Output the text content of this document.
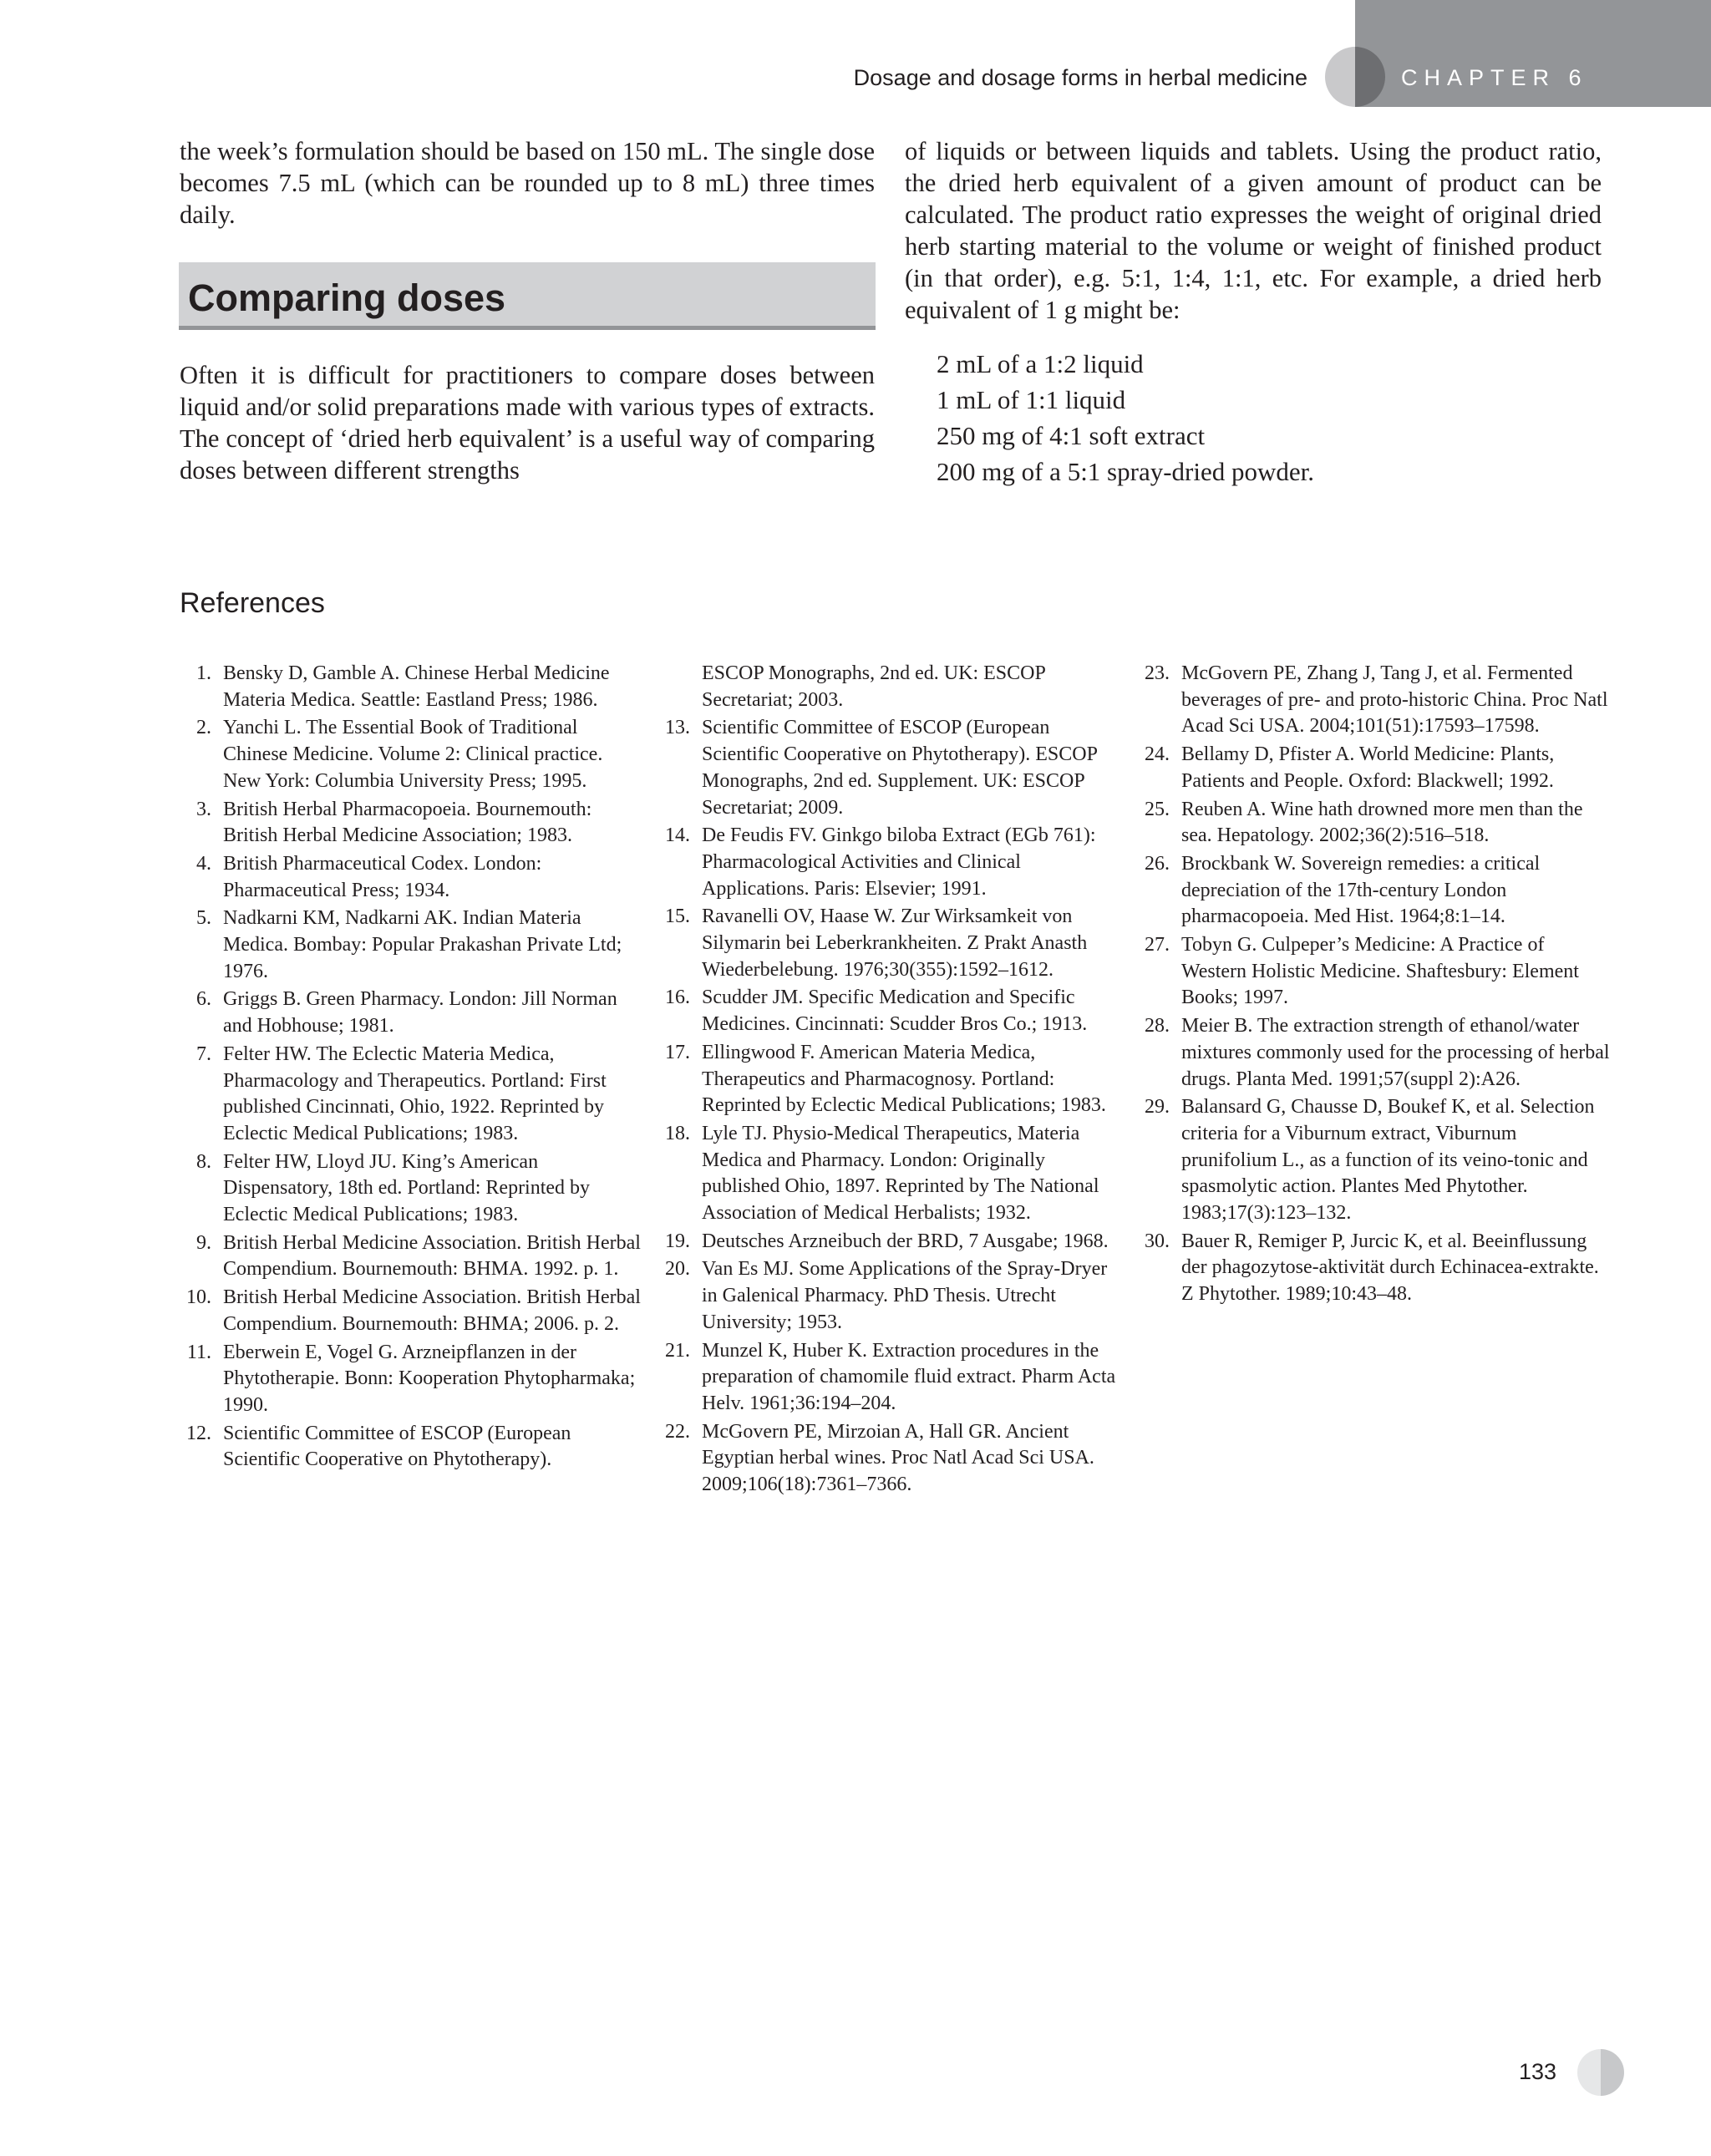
Dosage and dosage forms in herbal medicine	CHAPTER 6

the week’s formulation should be based on 150 mL. The single dose becomes 7.5 mL (which can be rounded up to 8 mL) three times daily.

Comparing doses

Often it is difficult for practitioners to compare doses between liquid and/or solid preparations made with various types of extracts. The concept of ‘dried herb equivalent’ is a useful way of comparing doses between different strengths

of liquids or between liquids and tablets. Using the product ratio, the dried herb equivalent of a given amount of product can be calculated. The product ratio expresses the weight of original dried herb starting material to the volume or weight of finished product (in that order), e.g. 5:1, 1:4, 1:1, etc. For example, a dried herb equivalent of 1 g might be:

2 mL of a 1:2 liquid
1 mL of 1:1 liquid
250 mg of 4:1 soft extract
200 mg of a 5:1 spray-dried powder.
References
1. Bensky D, Gamble A. Chinese Herbal Medicine Materia Medica. Seattle: Eastland Press; 1986.
2. Yanchi L. The Essential Book of Traditional Chinese Medicine. Volume 2: Clinical practice. New York: Columbia University Press; 1995.
3. British Herbal Pharmacopoeia. Bournemouth: British Herbal Medicine Association; 1983.
4. British Pharmaceutical Codex. London: Pharmaceutical Press; 1934.
5. Nadkarni KM, Nadkarni AK. Indian Materia Medica. Bombay: Popular Prakashan Private Ltd; 1976.
6. Griggs B. Green Pharmacy. London: Jill Norman and Hobhouse; 1981.
7. Felter HW. The Eclectic Materia Medica, Pharmacology and Therapeutics. Portland: First published Cincinnati, Ohio, 1922. Reprinted by Eclectic Medical Publications; 1983.
8. Felter HW, Lloyd JU. King’s American Dispensatory, 18th ed. Portland: Reprinted by Eclectic Medical Publications; 1983.
9. British Herbal Medicine Association. British Herbal Compendium. Bournemouth: BHMA. 1992. p. 1.
10. British Herbal Medicine Association. British Herbal Compendium. Bournemouth: BHMA; 2006. p. 2.
11. Eberwein E, Vogel G. Arzneipflanzen in der Phytotherapie. Bonn: Kooperation Phytopharmaka; 1990.
12. Scientific Committee of ESCOP (European Scientific Cooperative on Phytotherapy).
ESCOP Monographs, 2nd ed. UK: ESCOP Secretariat; 2003.
13. Scientific Committee of ESCOP (European Scientific Cooperative on Phytotherapy). ESCOP Monographs, 2nd ed. Supplement. UK: ESCOP Secretariat; 2009.
14. De Feudis FV. Ginkgo biloba Extract (EGb 761): Pharmacological Activities and Clinical Applications. Paris: Elsevier; 1991.
15. Ravanelli OV, Haase W. Zur Wirksamkeit von Silymarin bei Leberkrankheiten. Z Prakt Anasth Wiederbelebung. 1976;30(355):1592–1612.
16. Scudder JM. Specific Medication and Specific Medicines. Cincinnati: Scudder Bros Co.; 1913.
17. Ellingwood F. American Materia Medica, Therapeutics and Pharmacognosy. Portland: Reprinted by Eclectic Medical Publications; 1983.
18. Lyle TJ. Physio-Medical Therapeutics, Materia Medica and Pharmacy. London: Originally published Ohio, 1897. Reprinted by The National Association of Medical Herbalists; 1932.
19. Deutsches Arzneibuch der BRD, 7 Ausgabe; 1968.
20. Van Es MJ. Some Applications of the Spray-Dryer in Galenical Pharmacy. PhD Thesis. Utrecht University; 1953.
21. Munzel K, Huber K. Extraction procedures in the preparation of chamomile fluid extract. Pharm Acta Helv. 1961;36:194–204.
22. McGovern PE, Mirzoian A, Hall GR. Ancient Egyptian herbal wines. Proc Natl Acad Sci USA. 2009;106(18):7361–7366.
23. McGovern PE, Zhang J, Tang J, et al. Fermented beverages of pre- and proto-historic China. Proc Natl Acad Sci USA. 2004;101(51):17593–17598.
24. Bellamy D, Pfister A. World Medicine: Plants, Patients and People. Oxford: Blackwell; 1992.
25. Reuben A. Wine hath drowned more men than the sea. Hepatology. 2002;36(2):516–518.
26. Brockbank W. Sovereign remedies: a critical depreciation of the 17th-century London pharmacopoeia. Med Hist. 1964;8:1–14.
27. Tobyn G. Culpeper’s Medicine: A Practice of Western Holistic Medicine. Shaftesbury: Element Books; 1997.
28. Meier B. The extraction strength of ethanol/water mixtures commonly used for the processing of herbal drugs. Planta Med. 1991;57(suppl 2):A26.
29. Balansard G, Chausse D, Boukef K, et al. Selection criteria for a Viburnum extract, Viburnum prunifolium L., as a function of its veino-tonic and spasmolytic action. Plantes Med Phytother. 1983;17(3):123–132.
30. Bauer R, Remiger P, Jurcic K, et al. Beeinflussung der phagozytose-aktivität durch Echinacea-extrakte. Z Phytother. 1989;10:43–48.
133
